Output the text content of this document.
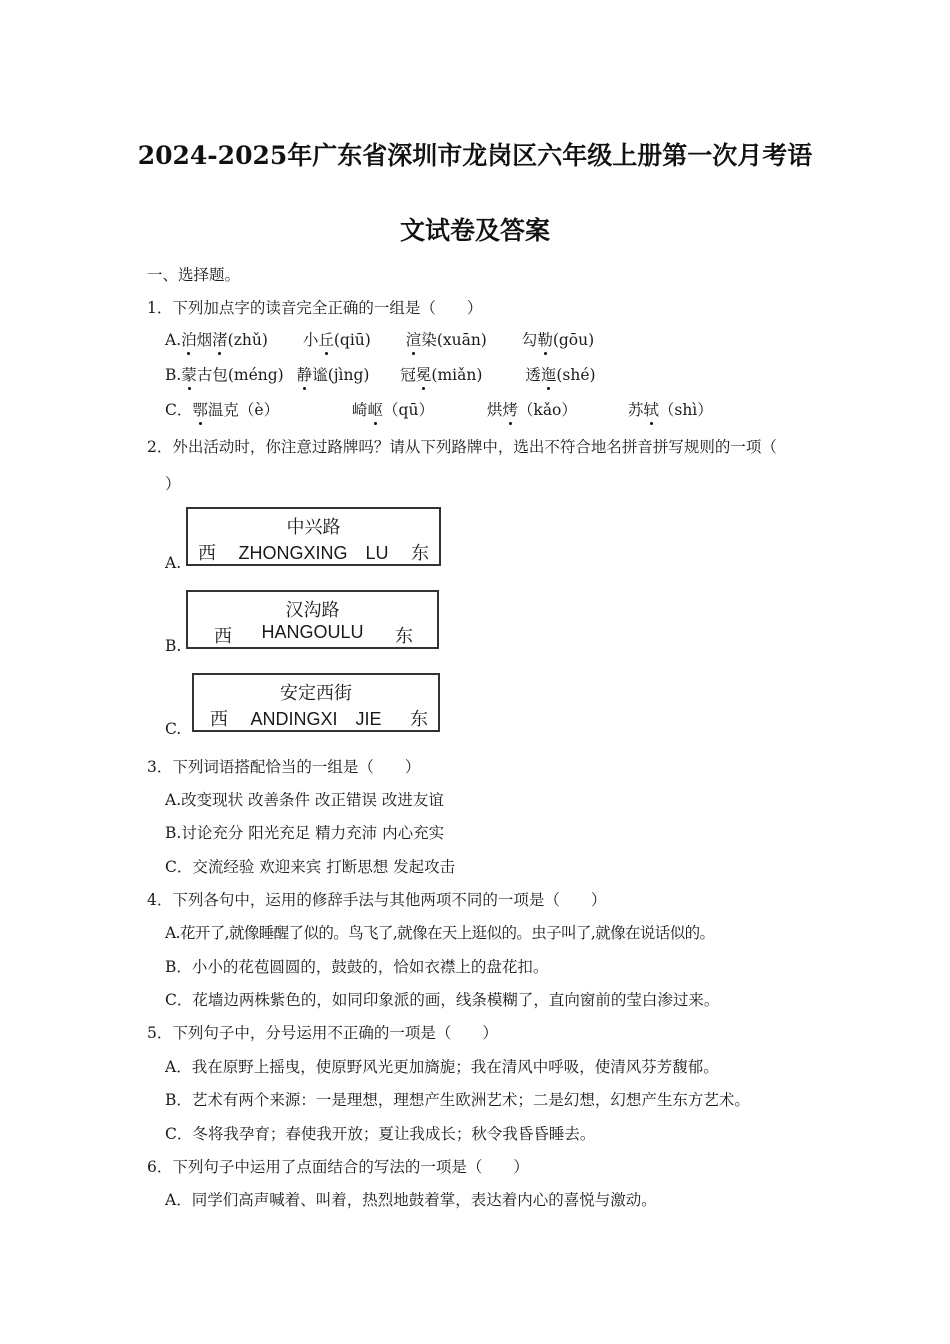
2024-2025年广东省深圳市龙岗区六年级上册第一次月考语
文试卷及答案
一、选择题。
1．下列加点字的读音完全正确的一组是（　　）
A.泊烟渚(zhǔ) 小丘(qiū) 渲染(xuān) 勾勒(gōu)
B.蒙古包(méng) 静谧(jìng) 冠冕(miǎn)	透迤(shé)
C．鄂温克（è）	崎岖（qū）	烘烤（kǎo）	苏轼（shì）
2．外出活动时，你注意过路牌吗？请从下列路牌中，选出不符合地名拼音拼写规则的一项（
）
A.
中兴路
西	ZHONGXING　LU	东
B.
汉沟路
西	HANGOULU	东
C.
安定西街
西	ANDINGXI　JIE	东
3．下列词语搭配恰当的一组是（　　）
A.改变现状 改善条件 改正错误 改进友谊
B.讨论充分 阳光充足 精力充沛 内心充实
C．交流经验 欢迎来宾 打断思想 发起攻击
4．下列各句中，运用的修辞手法与其他两项不同的一项是（　　）
A.花开了,就像睡醒了似的。鸟飞了,就像在天上逛似的。虫子叫了,就像在说话似的。
B．小小的花苞圆圆的，鼓鼓的，恰如衣襟上的盘花扣。
C．花墙边两株紫色的，如同印象派的画，线条模糊了，直向窗前的莹白渗过来。
5．下列句子中，分号运用不正确的一项是（　　）
A．我在原野上摇曳，使原野风光更加旖旎；我在清风中呼吸，使清风芬芳馥郁。
B．艺术有两个来源：一是理想，理想产生欧洲艺术；二是幻想，幻想产生东方艺术。
C．冬将我孕育；春使我开放；夏让我成长；秋令我昏昏睡去。
6．下列句子中运用了点面结合的写法的一项是（　　）
A．同学们高声喊着、叫着，热烈地鼓着掌，表达着内心的喜悦与激动。
